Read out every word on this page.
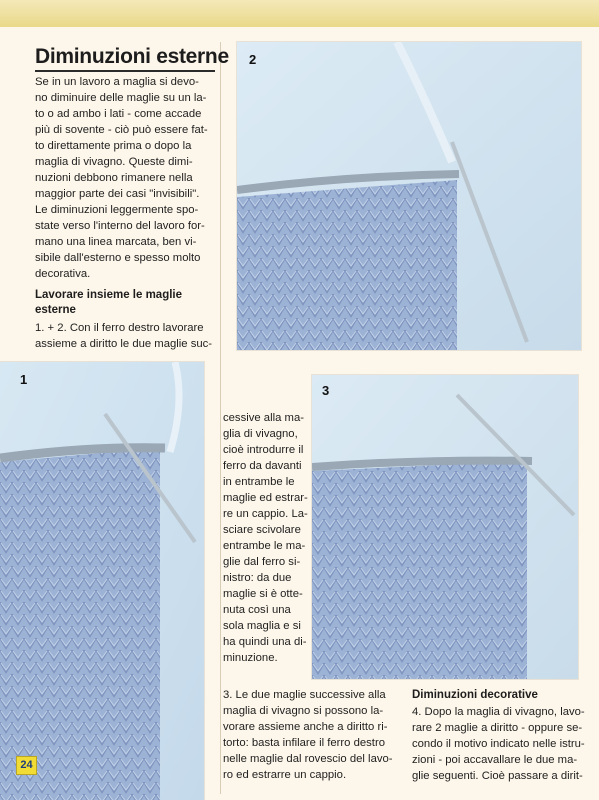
Diminuzioni esterne
Se in un lavoro a maglia si devo-
no diminuire delle maglie su un la-
to o ad ambo i lati - come accade
più di sovente - ciò può essere fat-
to direttamente prima o dopo la
maglia di vivagno. Queste dimi-
nuzioni debbono rimanere nella
maggior parte dei casi "invisibili".
Le diminuzioni leggermente spo-
state verso l'interno del lavoro for-
mano una linea marcata, ben vi-
sibile dall'esterno e spesso molto
decorativa.
Lavorare insieme le maglie
esterne
1. + 2. Con il ferro destro lavorare
assieme a diritto le due maglie suc-
2
1
3
cessive alla ma-
glia di vivagno,
cioè introdurre il
ferro da davanti
in entrambe le
maglie ed estrar-
re un cappio. La-
sciare scivolare
entrambe le ma-
glie dal ferro si-
nistro: da due
maglie si è otte-
nuta così una
sola maglia e si
ha quindi una di-
minuzione.
3. Le due maglie successive alla
maglia di vivagno si possono la-
vorare assieme anche a diritto ri-
torto: basta infilare il ferro destro
nelle maglie dal rovescio del lavo-
ro ed estrarre un cappio.
Diminuzioni decorative
4. Dopo la maglia di vivagno, lavo-
rare 2 maglie a diritto - oppure se-
condo il motivo indicato nelle istru-
zioni - poi accavallare le due ma-
glie seguenti. Cioè passare a dirit-
24
